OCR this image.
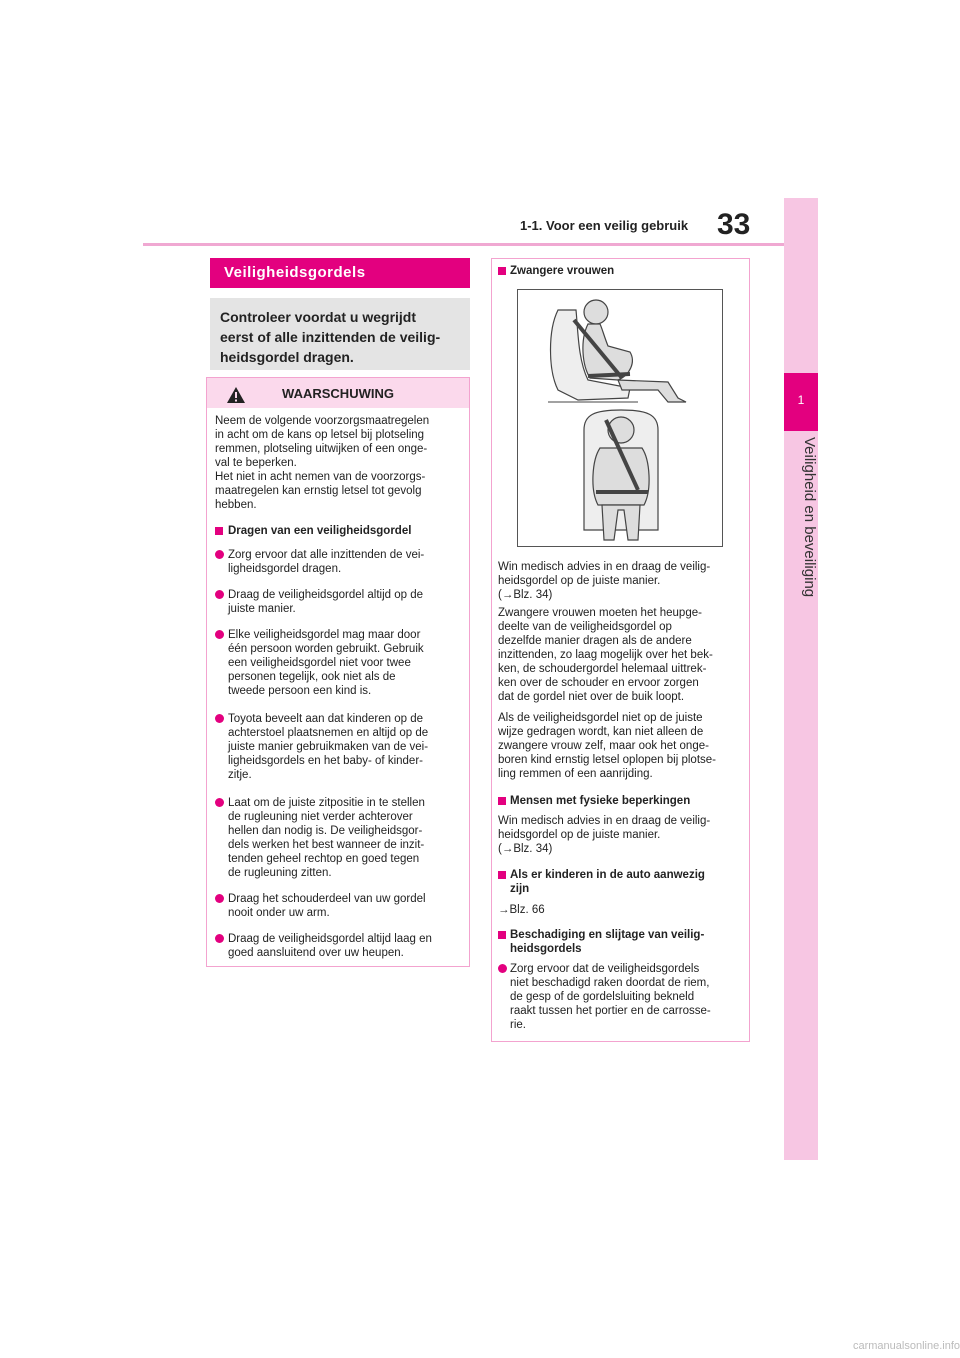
1-1. Voor een veilig gebruik 33
1
Veiligheid en beveiliging
Veiligheidsgordels
Controleer voordat u wegrijdt
eerst of alle inzittenden de veilig-
heidsgordel dragen.
WAARSCHUWING
Neem de volgende voorzorgsmaatregelen
in acht om de kans op letsel bij plotseling
remmen, plotseling uitwijken of een onge-
val te beperken.
Het niet in acht nemen van de voorzorgs-
maatregelen kan ernstig letsel tot gevolg
hebben.
Dragen van een veiligheidsgordel
Zorg ervoor dat alle inzittenden de vei-
ligheidsgordel dragen.
Draag de veiligheidsgordel altijd op de
juiste manier.
Elke veiligheidsgordel mag maar door
één persoon worden gebruikt. Gebruik
een veiligheidsgordel niet voor twee
personen tegelijk, ook niet als de
tweede persoon een kind is.
Toyota beveelt aan dat kinderen op de
achterstoel plaatsnemen en altijd op de
juiste manier gebruikmaken van de vei-
ligheidsgordels en het baby- of kinder-
zitje.
Laat om de juiste zitpositie in te stellen
de rugleuning niet verder achterover
hellen dan nodig is. De veiligheidsgor-
dels werken het best wanneer de inzit-
tenden geheel rechtop en goed tegen
de rugleuning zitten.
Draag het schouderdeel van uw gordel
nooit onder uw arm.
Draag de veiligheidsgordel altijd laag en
goed aansluitend over uw heupen.
Zwangere vrouwen
Win medisch advies in en draag de veilig-
heidsgordel op de juiste manier.
(→Blz. 34)
Zwangere vrouwen moeten het heupge-
deelte van de veiligheidsgordel op
dezelfde manier dragen als de andere
inzittenden, zo laag mogelijk over het bek-
ken, de schoudergordel helemaal uittrek-
ken over de schouder en ervoor zorgen
dat de gordel niet over de buik loopt.
Als de veiligheidsgordel niet op de juiste
wijze gedragen wordt, kan niet alleen de
zwangere vrouw zelf, maar ook het onge-
boren kind ernstig letsel oplopen bij plotse-
ling remmen of een aanrijding.
Mensen met fysieke beperkingen
Win medisch advies in en draag de veilig-
heidsgordel op de juiste manier.
(→Blz. 34)
Als er kinderen in de auto aanwezig
zijn
→Blz. 66
Beschadiging en slijtage van veilig-
heidsgordels
Zorg ervoor dat de veiligheidsgordels
niet beschadigd raken doordat de riem,
de gesp of de gordelsluiting bekneld
raakt tussen het portier en de carrosse-
rie.
carmanualsonline.info
